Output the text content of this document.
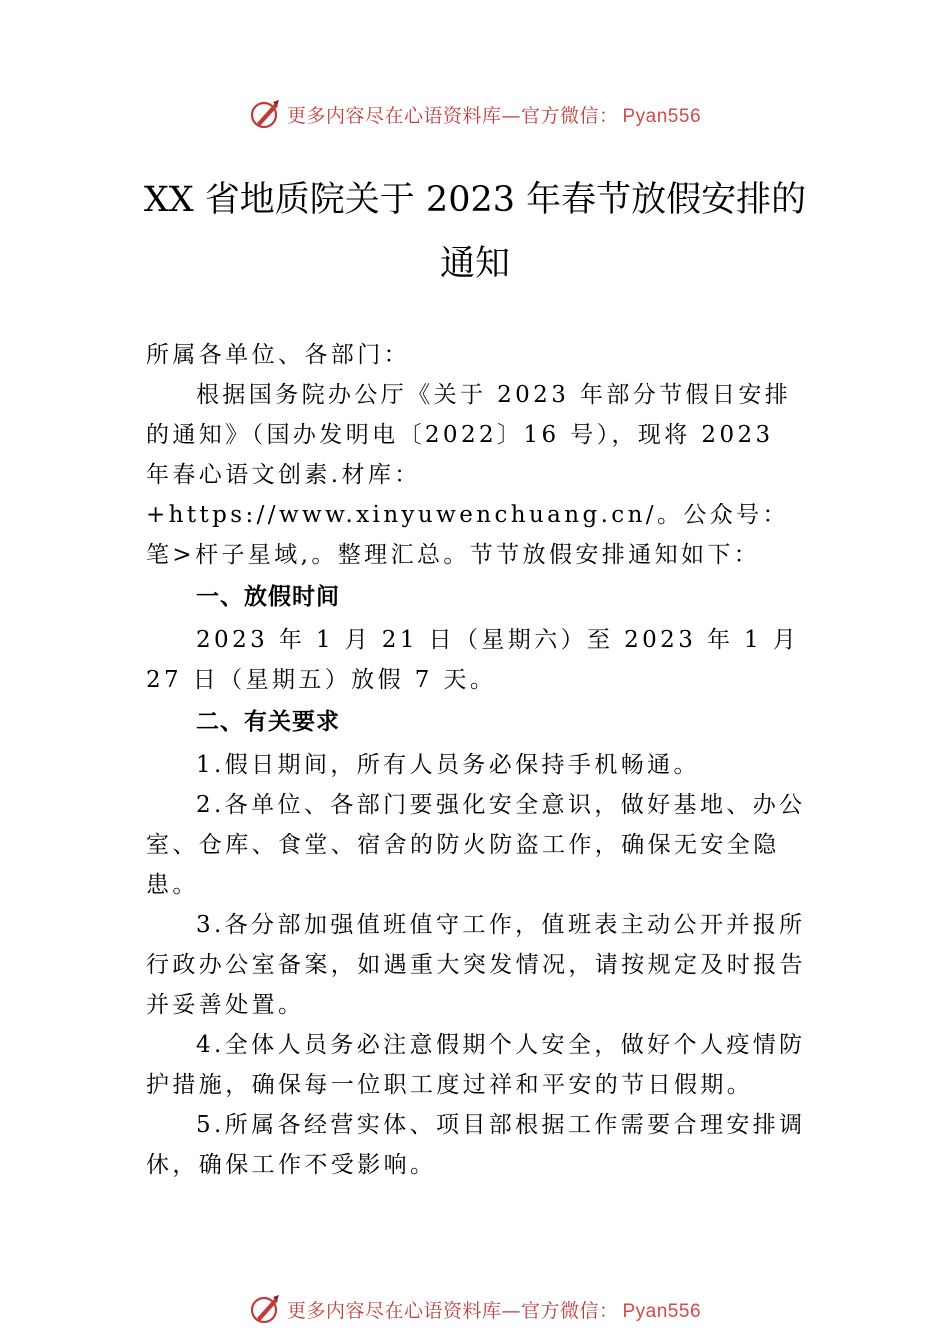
更多内容尽在心语资料库—官方微信： Pyan556
XX 省地质院关于 2023 年春节放假安排的
通知

所属各单位、各部门：

根据国务院办公厅《关于 2023 年部分节假日安排的通知》（国办发明电〔2022〕16 号），现将 2023 年春心语文创素.材库：+https://www.xinyuwenchuang.cn/。公众号：笔>杆子星域,。整理汇总。节节放假安排通知如下：

一、放假时间

2023 年 1 月 21 日（星期六）至 2023 年 1 月 27 日（星期五）放假 7 天。

二、有关要求

1.假日期间，所有人员务必保持手机畅通。

2.各单位、各部门要强化安全意识，做好基地、办公室、仓库、食堂、宿舍的防火防盗工作，确保无安全隐患。

3.各分部加强值班值守工作，值班表主动公开并报所行政办公室备案，如遇重大突发情况，请按规定及时报告并妥善处置。

4.全体人员务必注意假期个人安全，做好个人疫情防护措施，确保每一位职工度过祥和平安的节日假期。

5.所属各经营实体、项目部根据工作需要合理安排调休，确保工作不受影响。

更多内容尽在心语资料库—官方微信： Pyan556
